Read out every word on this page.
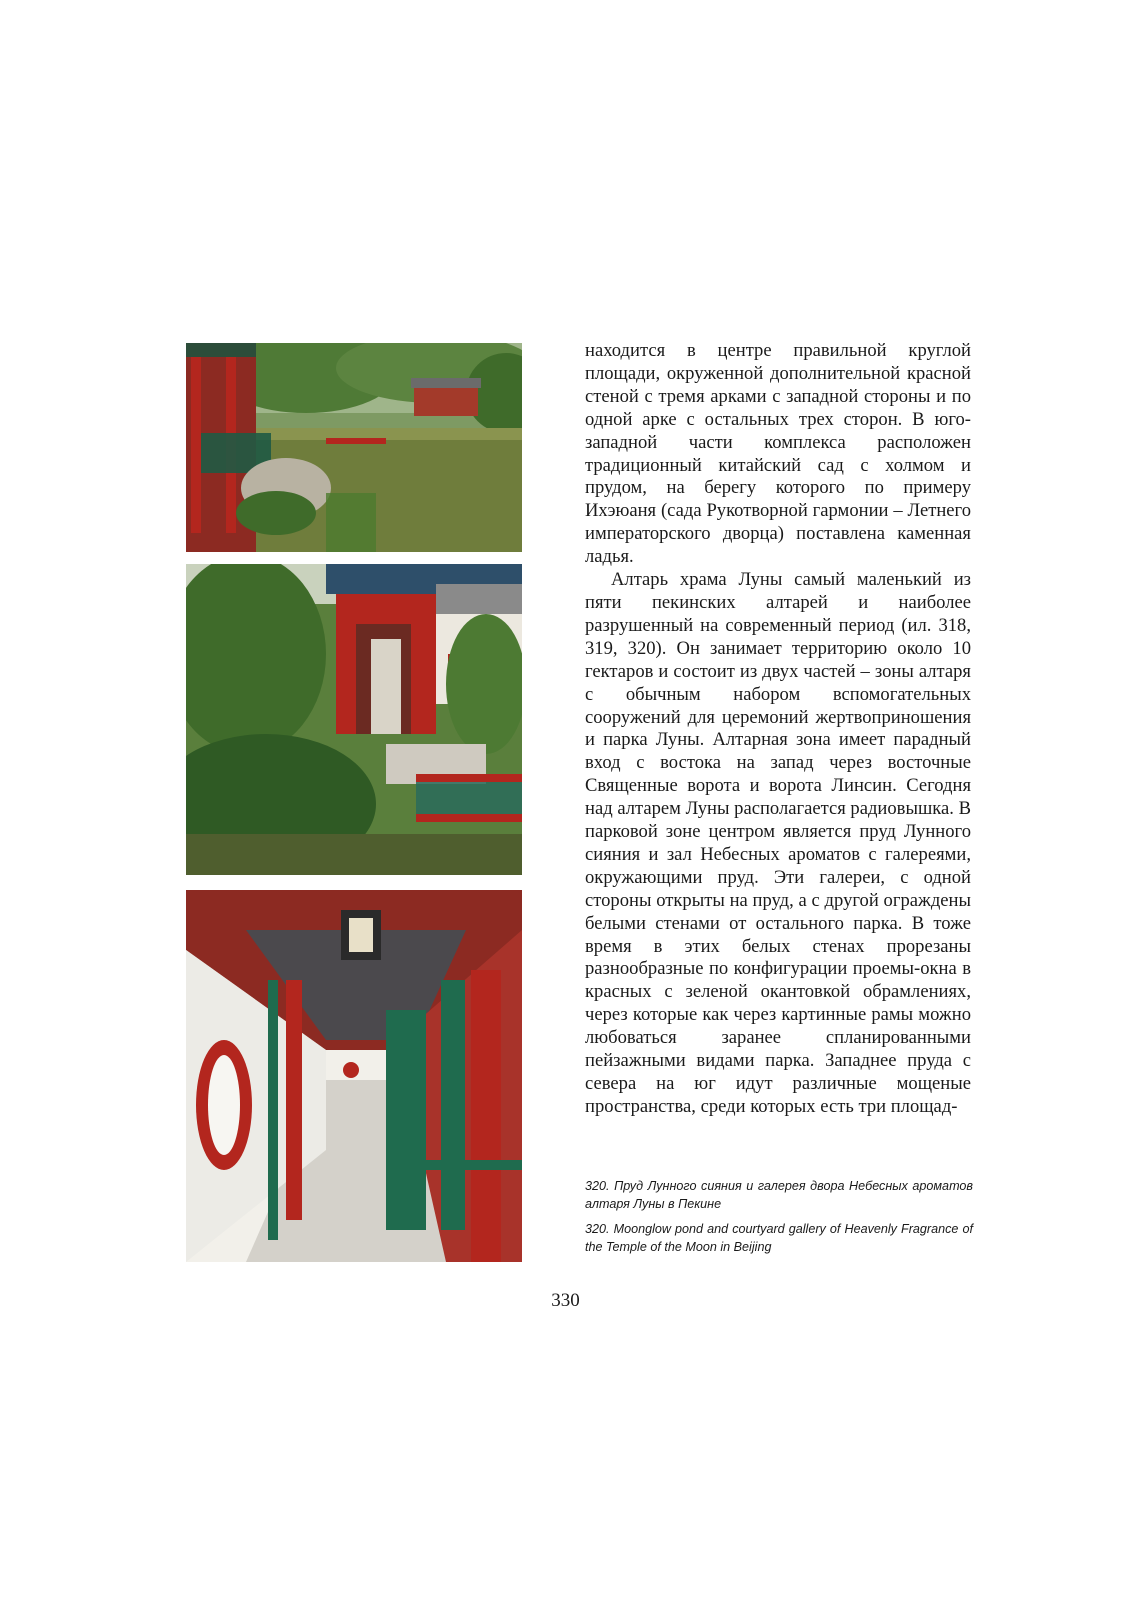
находится в центре правильной круглой площади, окруженной дополнительной красной стеной с тремя арками с западной стороны и по одной арке с остальных трех сторон. В юго-западной части комплекса расположен традиционный китайский сад с холмом и прудом, на берегу которого по примеру Ихэюаня (сада Рукотворной гармонии – Летнего императорского дворца) поставлена каменная ладья.

Алтарь храма Луны самый маленький из пяти пекинских алтарей и наиболее разрушенный на современный период (ил. 318, 319, 320). Он занимает территорию около 10 гектаров и состоит из двух частей – зоны алтаря с обычным набором вспомогательных сооружений для церемоний жертвоприношения и парка Луны. Алтарная зона имеет парадный вход с востока на запад через восточные Священные ворота и ворота Линсин. Сегодня над алтарем Луны располагается радиовышка. В парковой зоне центром является пруд Лунного сияния и зал Небесных ароматов с галереями, окружающими пруд. Эти галереи, с одной стороны открыты на пруд, а с другой ограждены белыми стенами от остального парка. В тоже время в этих белых стенах прорезаны разнообразные по конфигурации проемы-окна в красных с зеленой окантовкой обрамлениях, через которые как через картинные рамы можно любоваться заранее спланированными пейзажными видами парка. Западнее пруда с севера на юг идут различные мощеные пространства, среди которых есть три площад-

320. Пруд Лунного сияния и галерея двора Небесных ароматов алтаря Луны в Пекине

320. Moonglow pond and courtyard gallery of Heavenly Fragrance of the Temple of the Moon in Beijing

330
